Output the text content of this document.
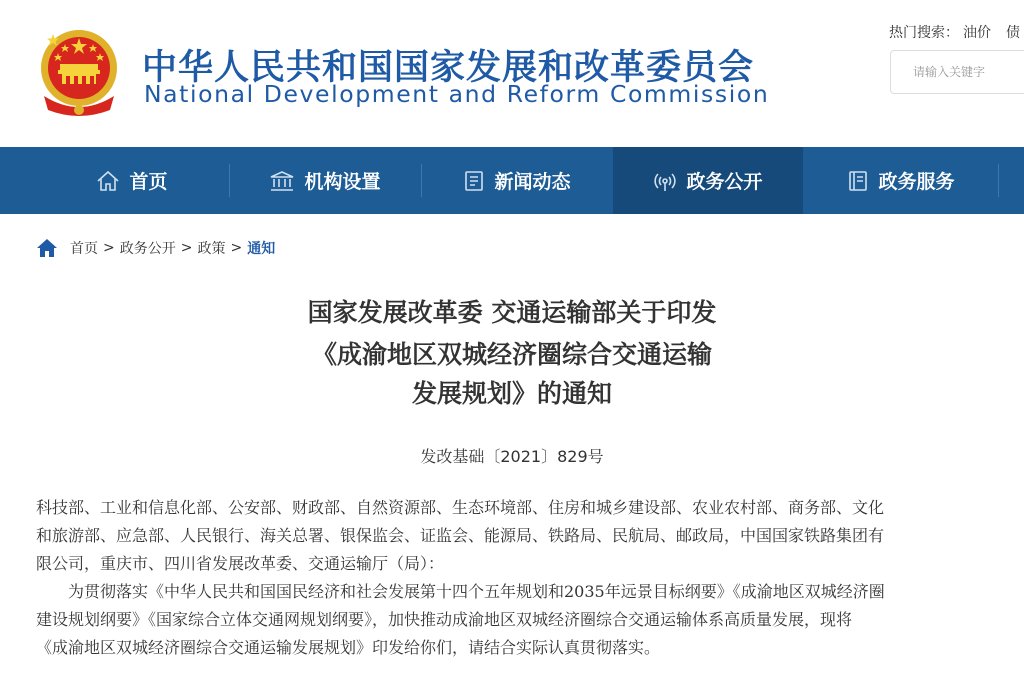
中华人民共和国国家发展和改革委员会
National Development and Reform Commission
热门搜索： 油价 债
请输入关键字
首页	机构设置	新闻动态	政务公开	政务服务
首页 > 政务公开 > 政策 > 通知
国家发展改革委 交通运输部关于印发
《成渝地区双城经济圈综合交通运输
发展规划》的通知
发改基础〔2021〕829号
科技部、工业和信息化部、公安部、财政部、自然资源部、生态环境部、住房和城乡建设部、农业农村部、商务部、文化
和旅游部、应急部、人民银行、海关总署、银保监会、证监会、能源局、铁路局、民航局、邮政局，中国国家铁路集团有
限公司，重庆市、四川省发展改革委、交通运输厅（局）：
为贯彻落实《中华人民共和国国民经济和社会发展第十四个五年规划和2035年远景目标纲要》《成渝地区双城经济圈
建设规划纲要》《国家综合立体交通网规划纲要》，加快推动成渝地区双城经济圈综合交通运输体系高质量发展，现将
《成渝地区双城经济圈综合交通运输发展规划》印发给你们，请结合实际认真贯彻落实。
